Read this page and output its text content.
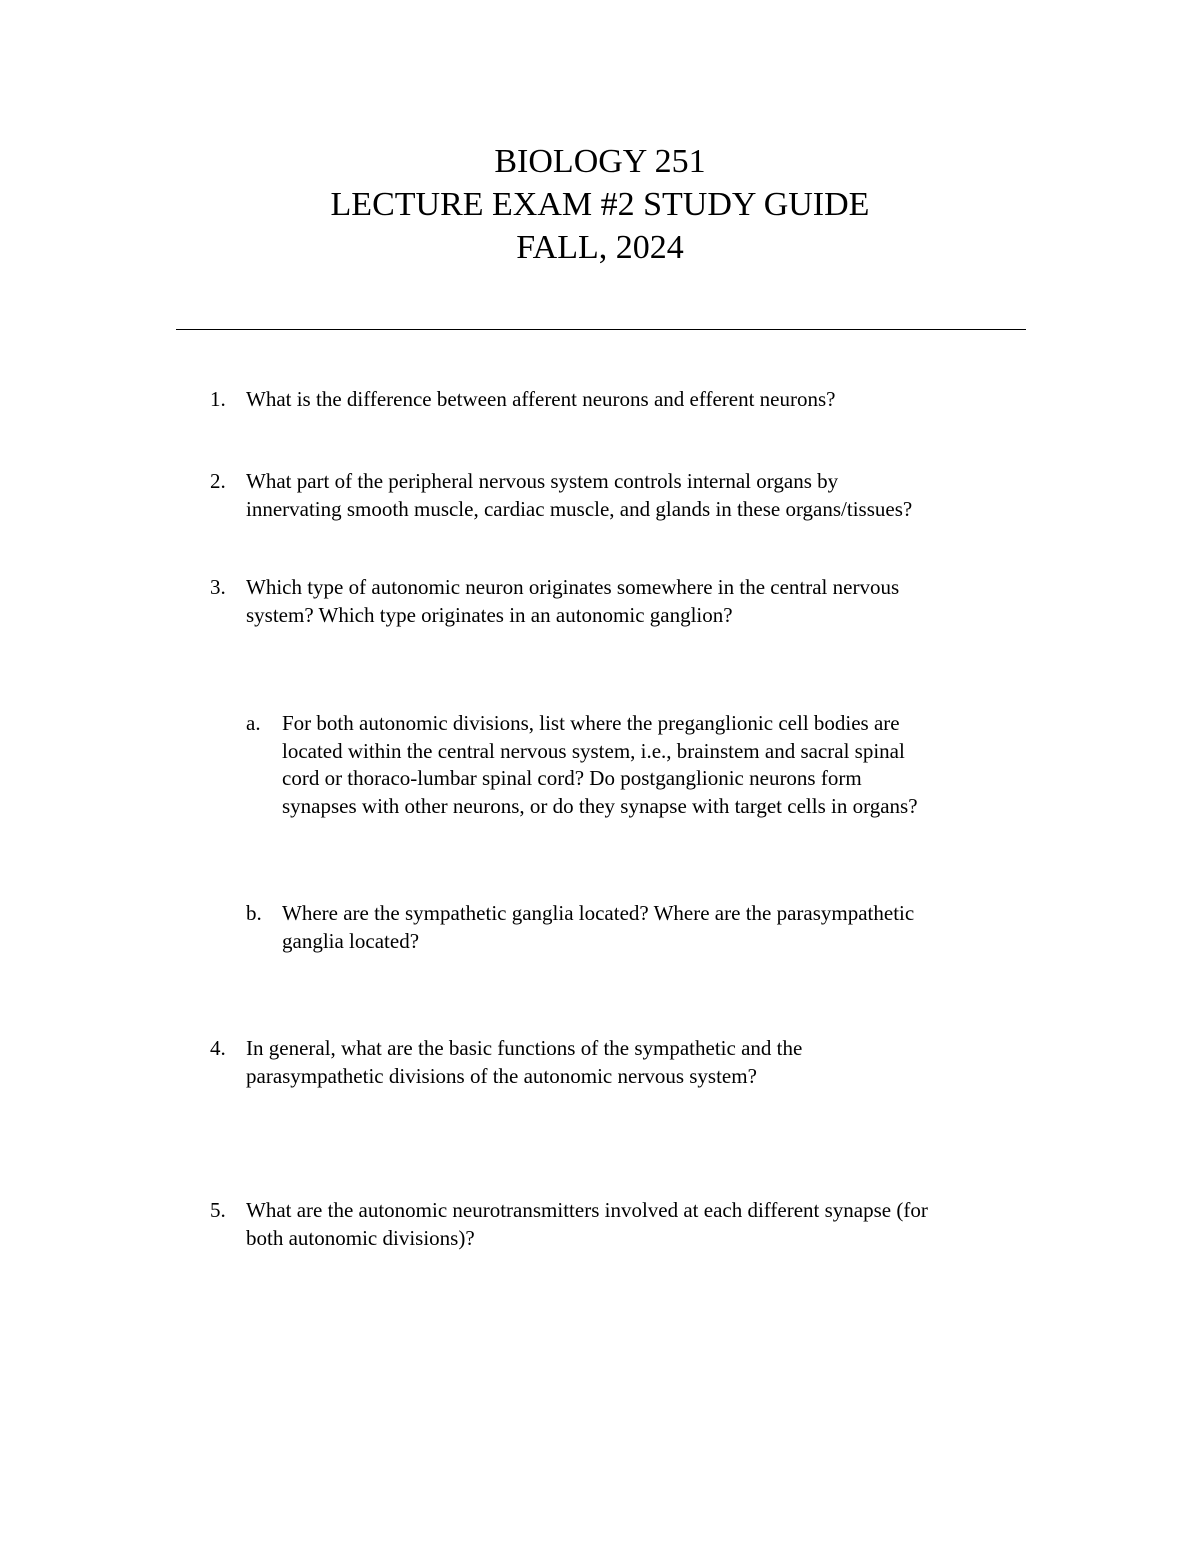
BIOLOGY 251
LECTURE EXAM #2 STUDY GUIDE
FALL, 2024
1. What is the difference between afferent neurons and efferent neurons?
2. What part of the peripheral nervous system controls internal organs by
innervating smooth muscle, cardiac muscle, and glands in these organs/tissues?
3. Which type of autonomic neuron originates somewhere in the central nervous
system? Which type originates in an autonomic ganglion?
a. For both autonomic divisions, list where the preganglionic cell bodies are
located within the central nervous system, i.e., brainstem and sacral spinal
cord or thoraco-lumbar spinal cord? Do postganglionic neurons form
synapses with other neurons, or do they synapse with target cells in organs?
b. Where are the sympathetic ganglia located? Where are the parasympathetic
ganglia located?
4. In general, what are the basic functions of the sympathetic and the
parasympathetic divisions of the autonomic nervous system?
5. What are the autonomic neurotransmitters involved at each different synapse (for
both autonomic divisions)?
